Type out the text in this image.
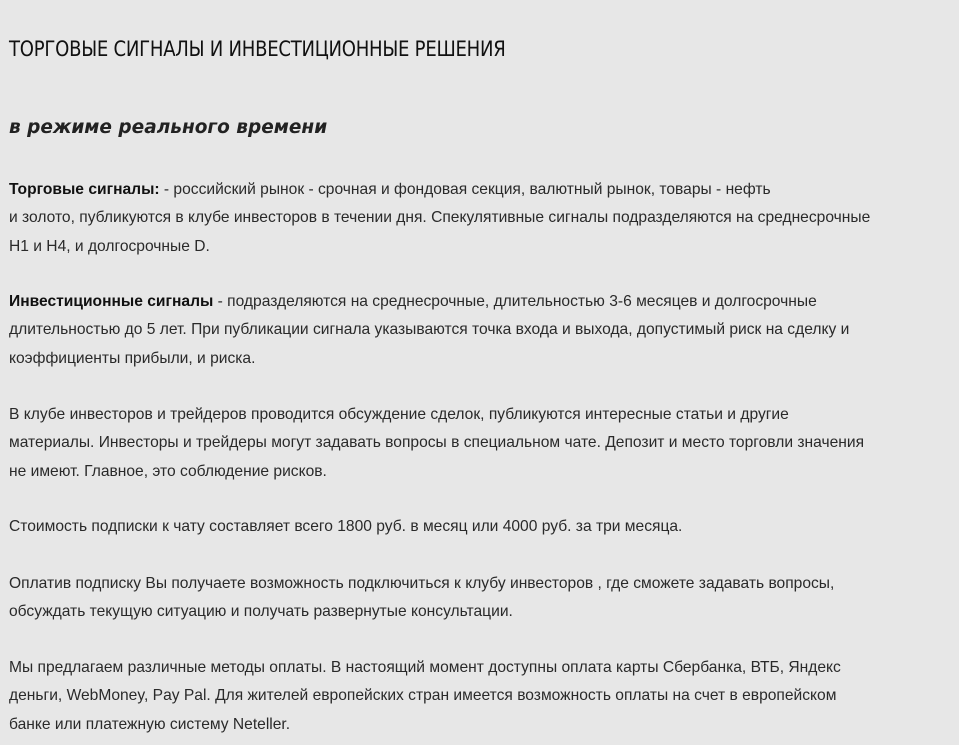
ТОРГОВЫЕ СИГНАЛЫ И ИНВЕСТИЦИОННЫЕ РЕШЕНИЯ
в режиме реального времени

Торговые сигналы: - российский рынок - срочная и фондовая секция, валютный рынок, товары - нефть
и золото, публикуются в клубе инвесторов в течении дня. Спекулятивные сигналы подразделяются на среднесрочные
Н1 и Н4, и долгосрочные D.

Инвестиционные сигналы - подразделяются на среднесрочные, длительностью 3-6 месяцев и долгосрочные
длительностью до 5 лет. При публикации сигнала указываются точка входа и выхода, допустимый риск на сделку и
коэффициенты прибыли, и риска.

В клубе инвесторов и трейдеров проводится обсуждение сделок, публикуются интересные статьи и другие
материалы. Инвесторы и трейдеры могут задавать вопросы в специальном чате. Депозит и место торговли значения
не имеют. Главное, это соблюдение рисков.

Стоимость подписки к чату составляет всего 1800 руб. в месяц или 4000 руб. за три месяца.

Оплатив подписку Вы получаете возможность подключиться к клубу инвесторов , где сможете задавать вопросы,
обсуждать текущую ситуацию и получать развернутые консультации.

Мы предлагаем различные методы оплаты. В настоящий момент доступны оплата карты Сбербанка, ВТБ, Яндекс
деньги, WebMoney, Pay Pal. Для жителей европейских стран имеется возможность оплаты на счет в европейском
банке или платежную систему Neteller.
